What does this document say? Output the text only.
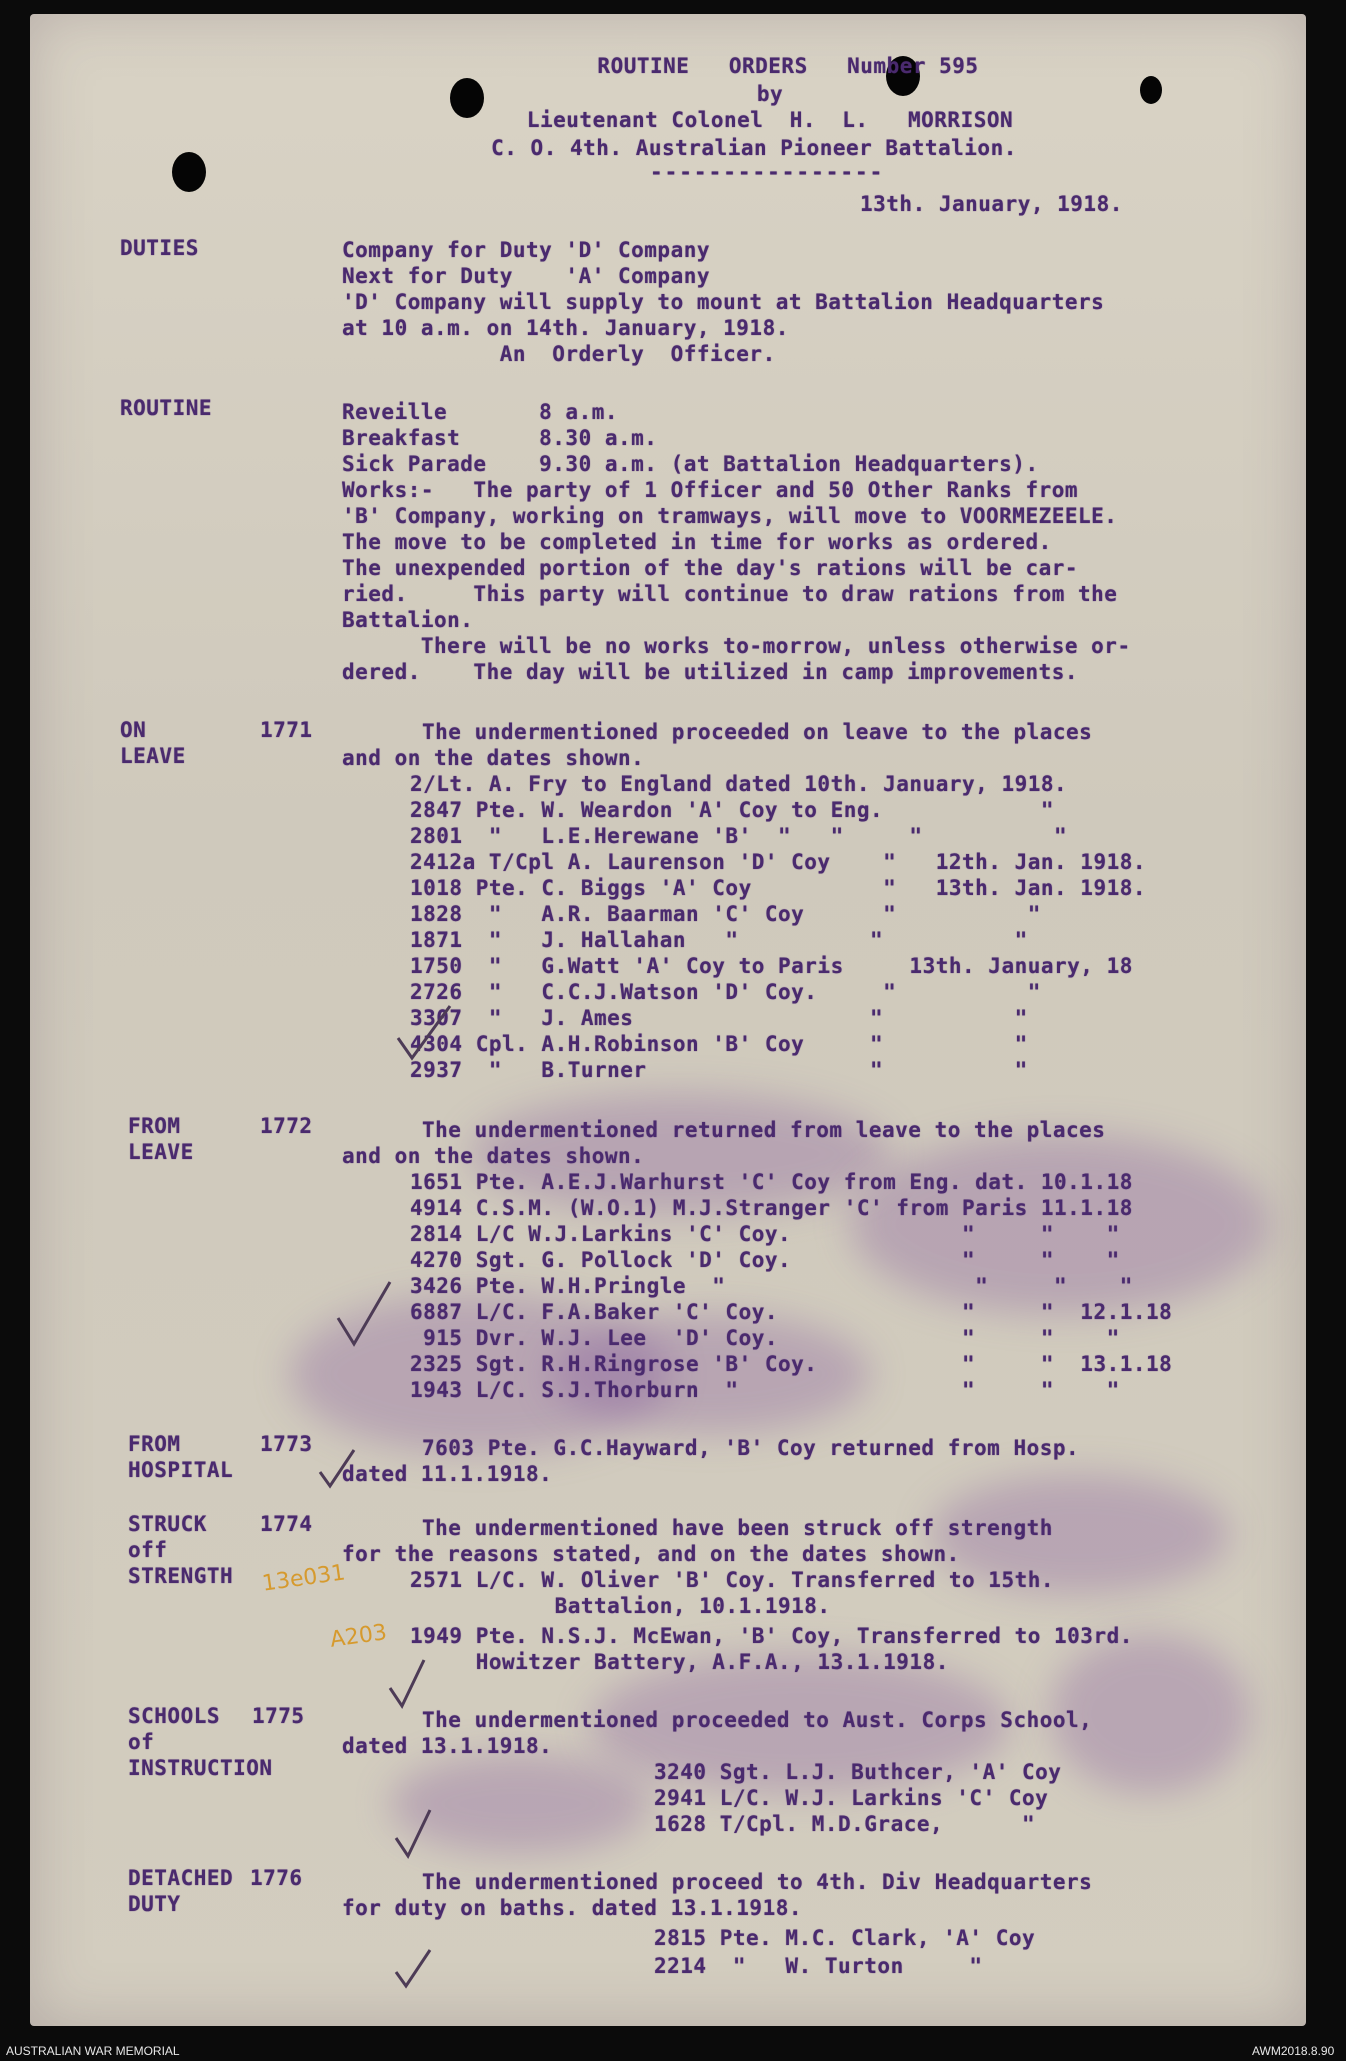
ROUTINE   ORDERS   Number 595
by
Lieutenant Colonel  H.  L.   MORRISON
C. O. 4th. Australian Pioneer Battalion.
----------------
13th. January, 1918.
DUTIES	Company for Duty 'D' Company
Next for Duty    'A' Company
'D' Company will supply to mount at Battalion Headquarters
at 10 a.m. on 14th. January, 1918.
An  Orderly  Officer.
ROUTINE	Reveille       8 a.m.
Breakfast      8.30 a.m.
Sick Parade    9.30 a.m. (at Battalion Headquarters).
Works:-   The party of 1 Officer and 50 Other Ranks from
'B' Company, working on tramways, will move to VOORMEZEELE.
The move to be completed in time for works as ordered.
The unexpended portion of the day's rations will be car-
ried.     This party will continue to draw rations from the
Battalion.
There will be no works to-morrow, unless otherwise or-
dered.    The day will be utilized in camp improvements.
ON
LEAVE
1771	The undermentioned proceeded on leave to the places
and on the dates shown.
2/Lt. A. Fry to England dated 10th. January, 1918.
2847 Pte. W. Weardon 'A' Coy to Eng.            "
2801  "   L.E.Herewane 'B'  "   "     "          "
2412a T/Cpl A. Laurenson 'D' Coy    "   12th. Jan. 1918.
1018 Pte. C. Biggs 'A' Coy          "   13th. Jan. 1918.
1828  "   A.R. Baarman 'C' Coy      "          "
1871  "   J. Hallahan   "          "          "
1750  "   G.Watt 'A' Coy to Paris     13th. January, 18
2726  "   C.C.J.Watson 'D' Coy.     "          "
3307  "   J. Ames                  "          "
4304 Cpl. A.H.Robinson 'B' Coy     "          "
2937  "   B.Turner                 "          "
FROM
LEAVE
1772	The undermentioned returned from leave to the places
and on the dates shown.
1651 Pte. A.E.J.Warhurst 'C' Coy from Eng. dat. 10.1.18
4914 C.S.M. (W.O.1) M.J.Stranger 'C' from Paris 11.1.18
2814 L/C W.J.Larkins 'C' Coy.             "     "    "
4270 Sgt. G. Pollock 'D' Coy.             "     "    "
3426 Pte. W.H.Pringle  "                   "     "    "
6887 L/C. F.A.Baker 'C' Coy.              "     "  12.1.18
915 Dvr. W.J. Lee  'D' Coy.              "     "    "
2325 Sgt. R.H.Ringrose 'B' Coy.           "     "  13.1.18
1943 L/C. S.J.Thorburn  "                 "     "    "
FROM
HOSPITAL
1773	7603 Pte. G.C.Hayward, 'B' Coy returned from Hosp.
dated 11.1.1918.
STRUCK
off
STRENGTH
1774	The undermentioned have been struck off strength
for the reasons stated, and on the dates shown.
2571 L/C. W. Oliver 'B' Coy. Transferred to 15th.
Battalion, 10.1.1918.
1949 Pte. N.S.J. McEwan, 'B' Coy, Transferred to 103rd.
Howitzer Battery, A.F.A., 13.1.1918.
SCHOOLS
of
INSTRUCTION
1775	The undermentioned proceeded to Aust. Corps School,
dated 13.1.1918.
3240 Sgt. L.J. Buthcer, 'A' Coy
2941 L/C. W.J. Larkins 'C' Coy
1628 T/Cpl. M.D.Grace,      "
DETACHED 1776
DUTY
The undermentioned proceed to 4th. Div Headquarters
for duty on baths. dated 13.1.1918.
2815 Pte. M.C. Clark, 'A' Coy
2214  "   W. Turton     "
13e031
A203
AUSTRALIAN WAR MEMORIAL	AWM2018.8.90
